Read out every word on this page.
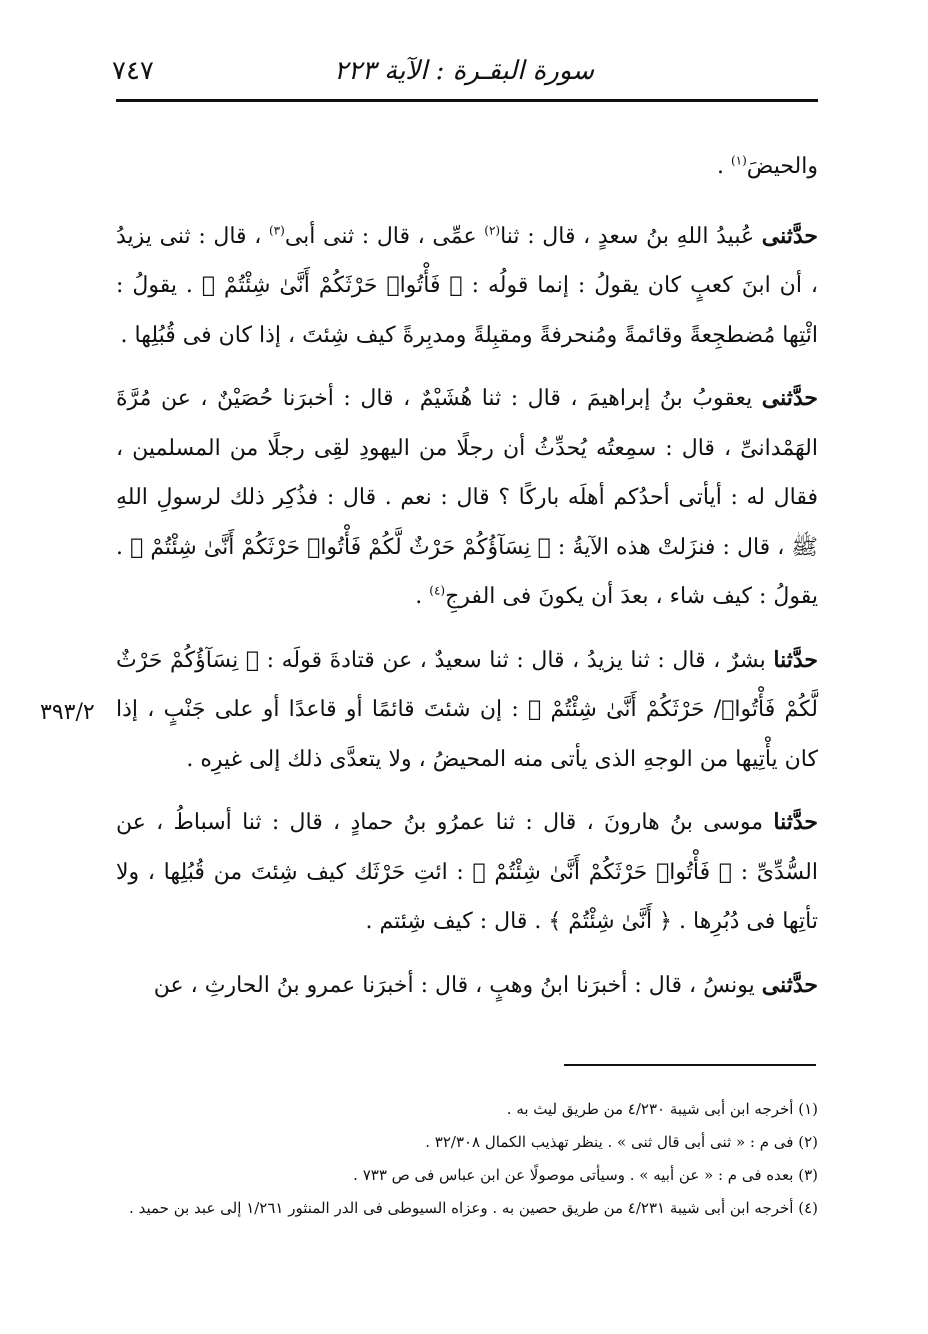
٧٤٧	سورة البقـرة : الآية ٢٢٣
٣٩٣/٢

والحيضَ$^{(١)}$ .

حدَّثنى عُبيدُ اللهِ بنُ سعدٍ ، قال : ثنا$^{(٢)}$ عمِّى ، قال : ثنى أبى$^{(٣)}$ ، قال : ثنى يزيدُ ، أن ابنَ كعبٍ كان يقولُ : إنما قولُه : ﴿ فَأْتُوا۟ حَرْثَكُمْ أَنَّىٰ شِئْتُمْ ﴾ . يقولُ : ائْتِها مُضطجِعةً وقائمةً ومُنحرفةً ومقبِلةً ومدبِرةً كيف شِئتَ ، إذا كان فى قُبُلِها .

حدَّثنى يعقوبُ بنُ إبراهيمَ ، قال : ثنا هُشَيْمٌ ، قال : أخبرَنا حُصَيْنٌ ، عن مُرَّةَ الهَمْدانىِّ ، قال : سمِعتُه يُحدِّثُ أن رجلًا من اليهودِ لقِى رجلًا من المسلمين ، فقال له : أيأتى أحدُكم أهلَه باركًا ؟ قال : نعم . قال : فذُكِر ذلك لرسولِ اللهِ ﷺ ، قال : فنزَلتْ هذه الآيةُ : ﴿ نِسَآؤُكُمْ حَرْثٌ لَّكُمْ فَأْتُوا۟ حَرْثَكُمْ أَنَّىٰ شِئْتُمْ ﴾ . يقولُ : كيف شاء ، بعدَ أن يكونَ فى الفرجِ$^{(٤)}$ .

حدَّثنا بشرٌ ، قال : ثنا يزيدُ ، قال : ثنا سعيدٌ ، عن قتادةَ قولَه : ﴿ نِسَآؤُكُمْ حَرْثٌ لَّكُمْ فَأْتُوا۟/ حَرْثَكُمْ أَنَّىٰ شِئْتُمْ ﴾ : إن شئتَ قائمًا أو قاعدًا أو على جَنْبٍ ، إذا كان يأْتِيها من الوجهِ الذى يأتى منه المحيضُ ، ولا يتعدَّى ذلك إلى غيرِه .

حدَّثنا موسى بنُ هارونَ ، قال : ثنا عمرُو بنُ حمادٍ ، قال : ثنا أسباطُ ، عن السُّدِّىِّ : ﴿ فَأْتُوا۟ حَرْثَكُمْ أَنَّىٰ شِئْتُمْ ﴾ : ائتِ حَرْثَك كيف شِئتَ من قُبُلِها ، ولا تأتِها فى دُبُرِها . ﴿ أَنَّىٰ شِئْتُمْ ﴾ . قال : كيف شِئتم .

حدَّثنى يونسُ ، قال : أخبرَنا ابنُ وهبٍ ، قال : أخبرَنا عمرو بنُ الحارثِ ، عن

(١) أخرجه ابن أبى شيبة ٤/٢٣٠ من طريق ليث به .
(٢) فى م : « ثنى أبى قال ثنى » . ينظر تهذيب الكمال ٣٢/٣٠٨ .
(٣) بعده فى م : « عن أبيه » . وسيأتى موصولًا عن ابن عباس فى ص ٧٣٣ .
(٤) أخرجه ابن أبى شيبة ٤/٢٣١ من طريق حصين به . وعزاه السيوطى فى الدر المنثور ١/٢٦١ إلى عبد بن حميد .
